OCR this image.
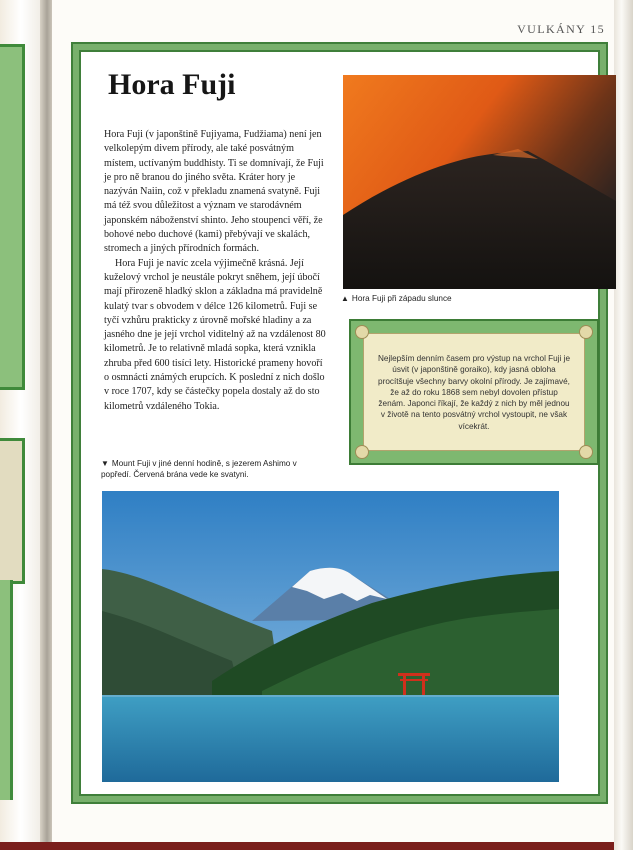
VULKÁNY 15
Hora Fuji

Hora Fuji (v japonštině Fujiyama, Fudžiama) není jen velkolepým divem přírody, ale také posvátným místem, uctívaným buddhisty. Ti se domnívají, že Fuji je pro ně branou do jiného světa. Kráter hory je nazýván Naiin, což v překladu znamená svatyně. Fuji má též svou důležitost a význam ve starodávném japonském náboženství shinto. Jeho stoupenci věří, že bohové nebo duchové (kami) přebývají ve skalách, stromech a jiných přírodních formách.

Hora Fuji je navíc zcela výjimečně krásná. Její kuželový vrchol je neustále pokryt sněhem, její úbočí mají přirozeně hladký sklon a základna má pravidelně kulatý tvar s obvodem v délce 126 kilometrů. Fuji se tyčí vzhůru prakticky z úrovně mořské hladiny a za jasného dne je její vrchol viditelný až na vzdálenost 80 kilometrů. Je to relativně mladá sopka, která vznikla zhruba před 600 tisíci lety. Historické prameny hovoří o osmnácti známých erupcích. K poslední z nich došlo v roce 1707, kdy se částečky popela dostaly až do sto kilometrů vzdáleného Tokia.

▲ Hora Fuji při západu slunce
Nejlepším denním časem pro výstup na vrchol Fuji je úsvit (v japonštině goraiko), kdy jasná obloha procítšuje všechny barvy okolní přírody. Je zajímavé, že až do roku 1868 sem nebyl dovolen přístup ženám. Japonci říkají, že každý z nich by měl jednou v životě na tento posvátný vrchol vystoupit, ne však vícekrát.
▼ Mount Fuji v jiné denní hodině, s jezerem Ashimo v popředí. Červená brána vede ke svatyni.
